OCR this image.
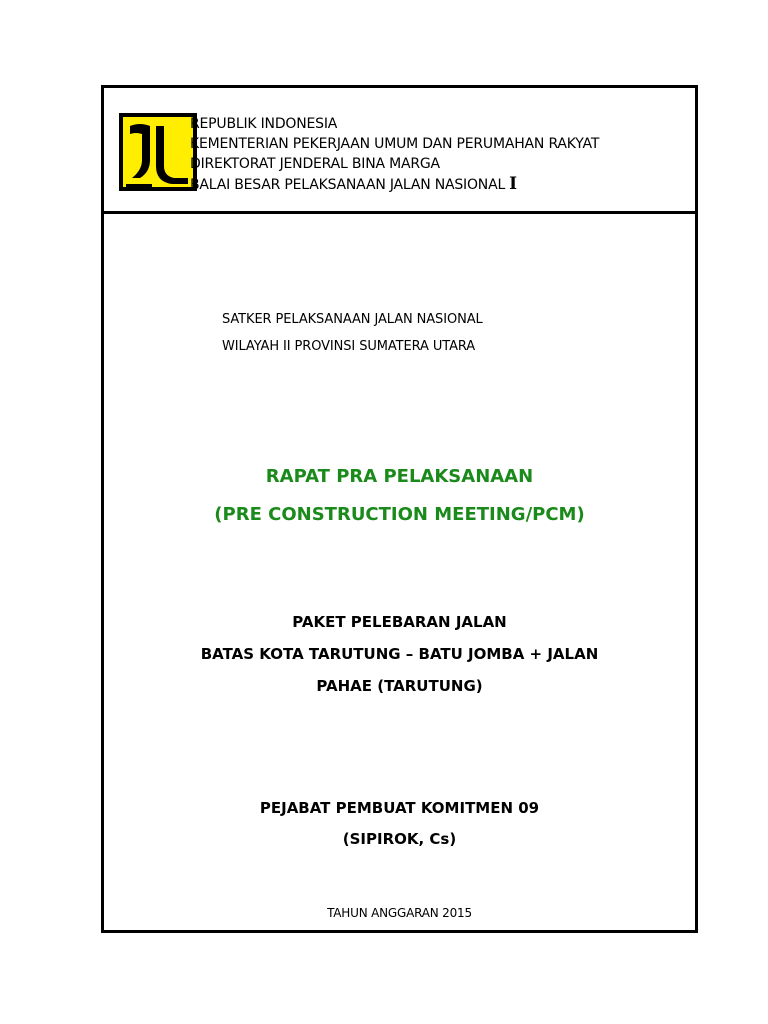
REPUBLIK INDONESIA
KEMENTERIAN PEKERJAAN UMUM DAN PERUMAHAN RAKYAT
DIREKTORAT JENDERAL BINA MARGA
BALAI BESAR PELAKSANAAN JALAN NASIONAL I
SATKER PELAKSANAAN JALAN NASIONAL
WILAYAH II PROVINSI SUMATERA UTARA
RAPAT PRA PELAKSANAAN
(PRE CONSTRUCTION MEETING/PCM)
PAKET PELEBARAN JALAN
BATAS KOTA TARUTUNG – BATU JOMBA + JALAN
PAHAE (TARUTUNG)
PEJABAT PEMBUAT KOMITMEN 09
(SIPIROK, Cs)
TAHUN ANGGARAN 2015
